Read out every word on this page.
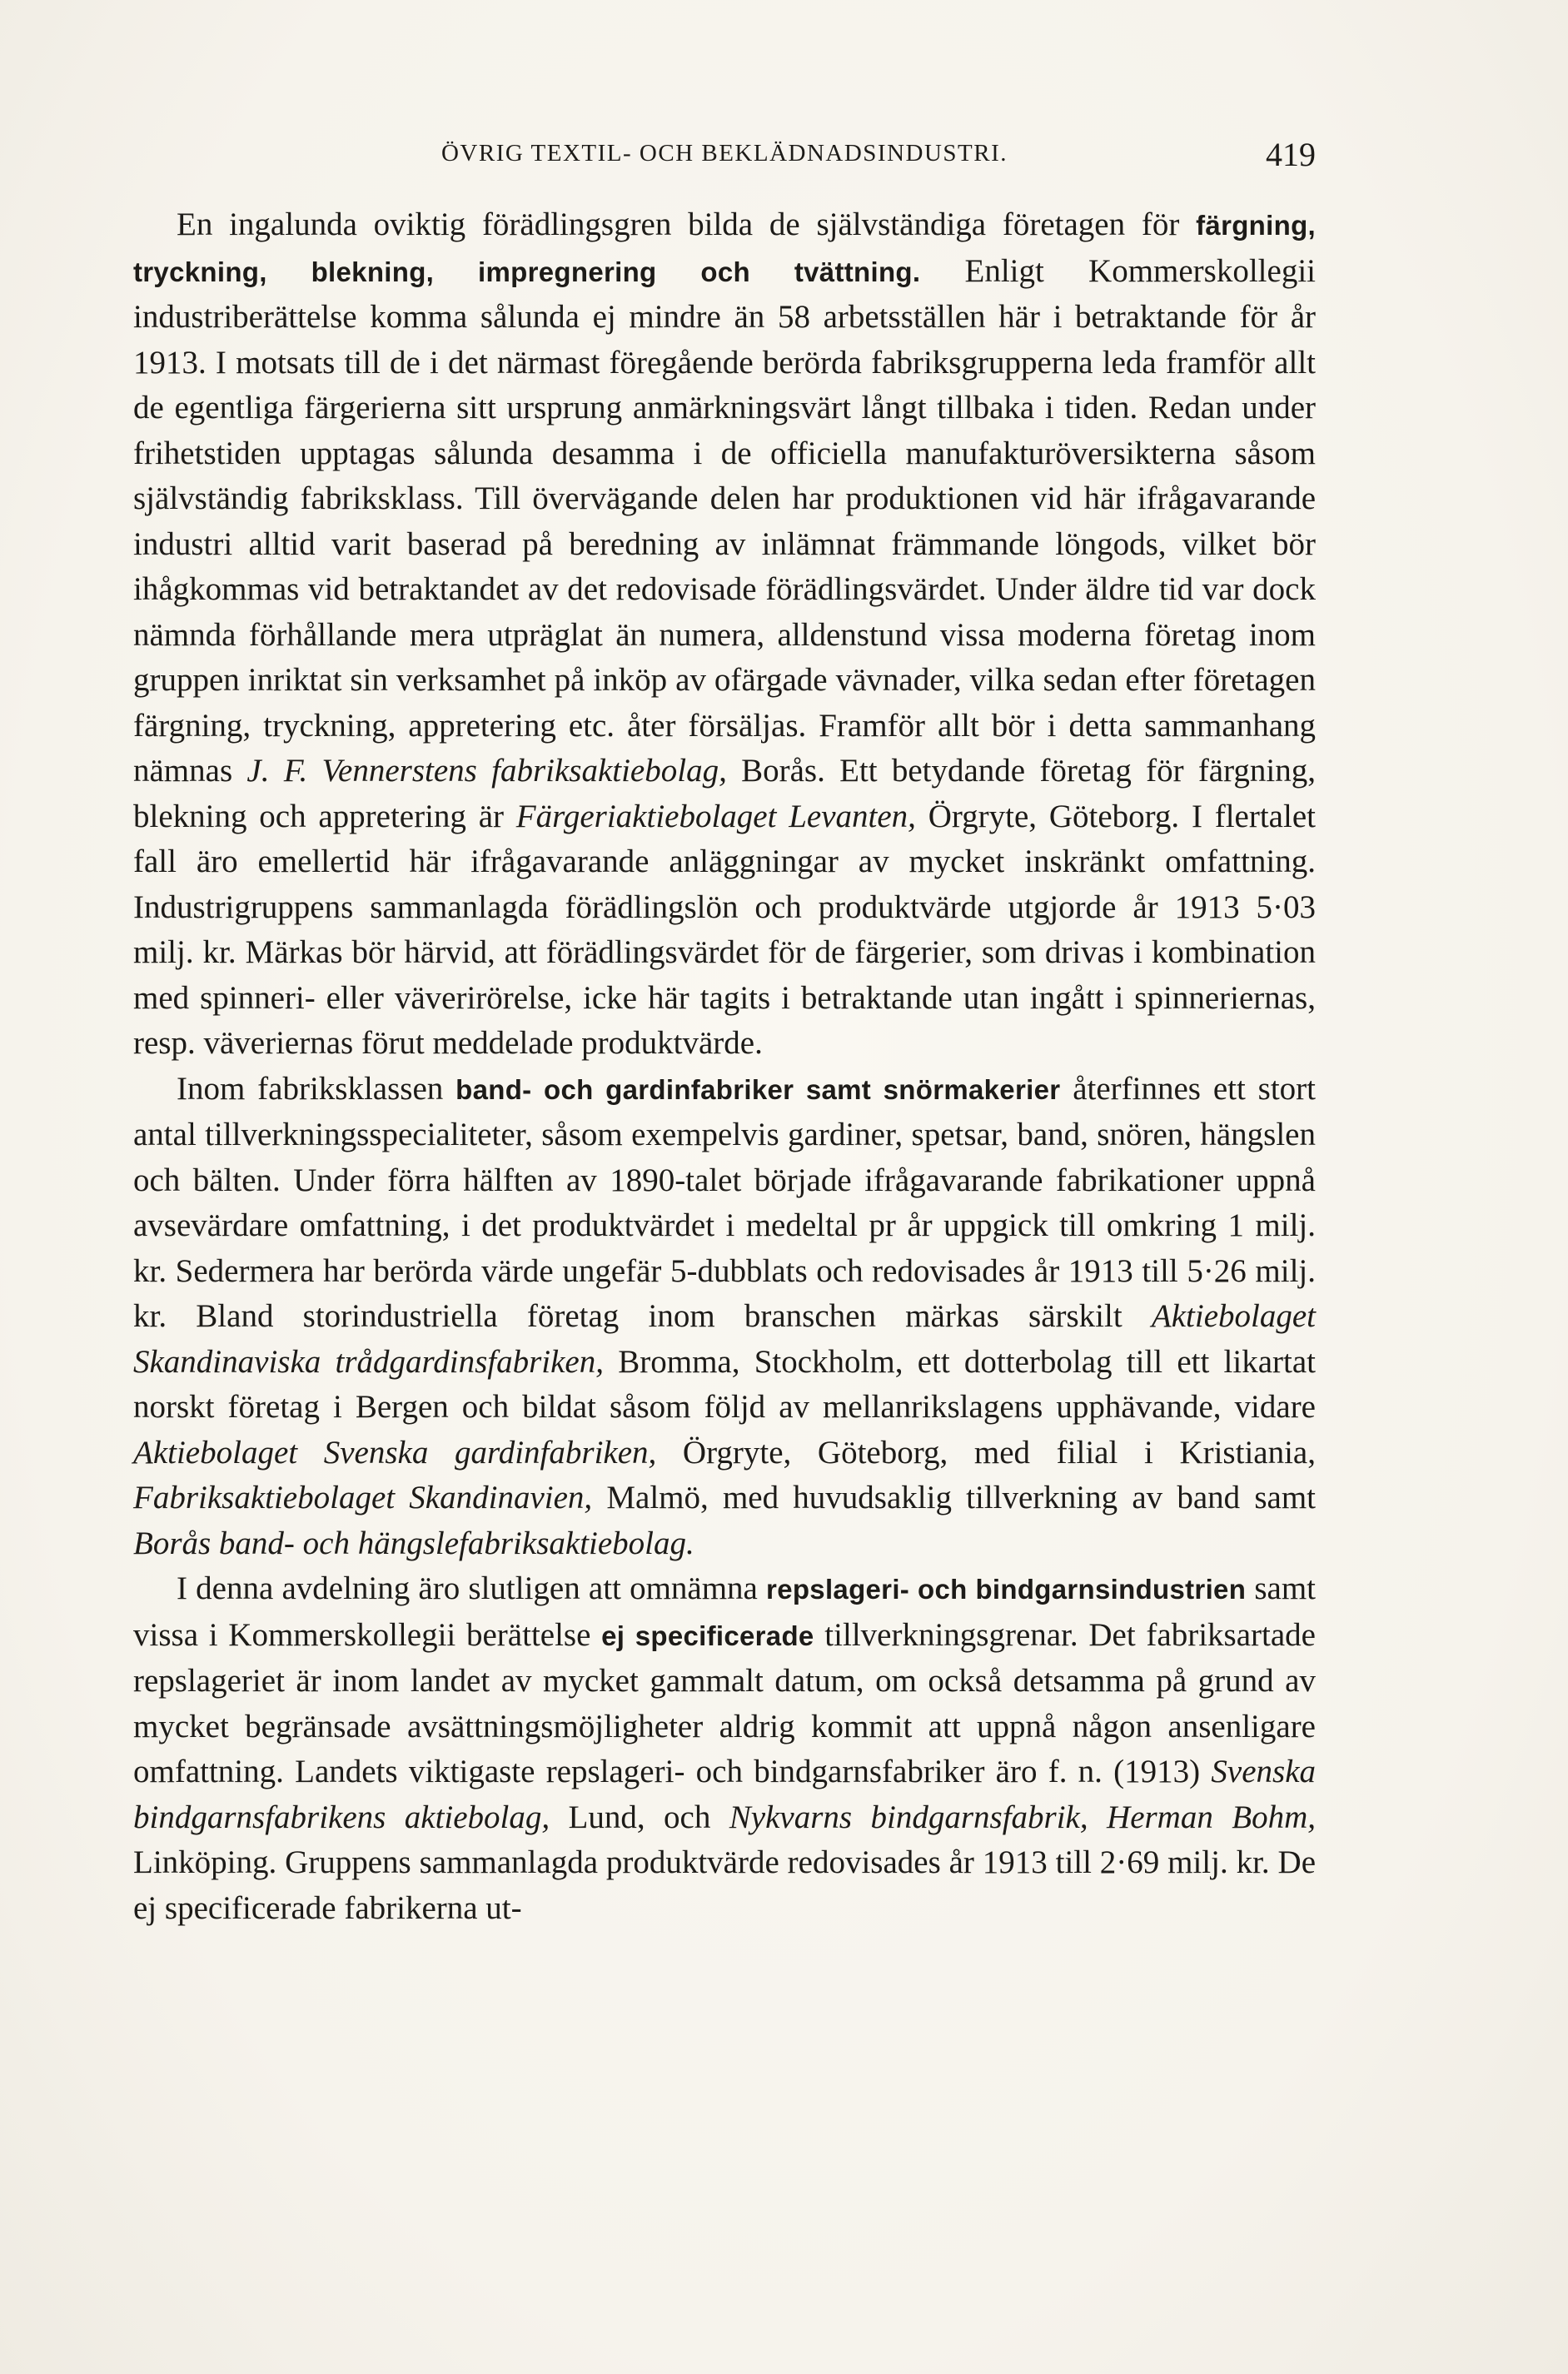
ÖVRIG TEXTIL- OCH BEKLÄDNADSINDUSTRI.	419

En ingalunda oviktig förädlingsgren bilda de självständiga företagen för färgning, tryckning, blekning, impregnering och tvättning. Enligt Kommerskollegii industriberättelse komma sålunda ej mindre än 58 arbetsställen här i betraktande för år 1913. I motsats till de i det närmast föregående berörda fabriksgrupperna leda framför allt de egentliga färgerierna sitt ursprung anmärkningsvärt långt tillbaka i tiden. Redan under frihetstiden upptagas sålunda desamma i de officiella manufakturöversikterna såsom självständig fabriksklass. Till övervägande delen har produktionen vid här ifrågavarande industri alltid varit baserad på beredning av inlämnat främmande löngods, vilket bör ihågkommas vid betraktandet av det redovisade förädlingsvärdet. Under äldre tid var dock nämnda förhållande mera utpräglat än numera, alldenstund vissa moderna företag inom gruppen inriktat sin verksamhet på inköp av ofärgade vävnader, vilka sedan efter företagen färgning, tryckning, appretering etc. åter försäljas. Framför allt bör i detta sammanhang nämnas J. F. Vennerstens fabriksaktiebolag, Borås. Ett betydande företag för färgning, blekning och appretering är Färgeriaktiebolaget Levanten, Örgryte, Göteborg. I flertalet fall äro emellertid här ifrågavarande anläggningar av mycket inskränkt omfattning. Industrigruppens sammanlagda förädlingslön och produktvärde utgjorde år 1913 5·03 milj. kr. Märkas bör härvid, att förädlingsvärdet för de färgerier, som drivas i kombination med spinneri- eller väverirörelse, icke här tagits i betraktande utan ingått i spinneriernas, resp. väveriernas förut meddelade produktvärde.

Inom fabriksklassen band- och gardinfabriker samt snörmakerier återfinnes ett stort antal tillverkningsspecialiteter, såsom exempelvis gardiner, spetsar, band, snören, hängslen och bälten. Under förra hälften av 1890-talet började ifrågavarande fabrikationer uppnå avsevärdare omfattning, i det produktvärdet i medeltal pr år uppgick till omkring 1 milj. kr. Sedermera har berörda värde ungefär 5-dubblats och redovisades år 1913 till 5·26 milj. kr. Bland storindustriella företag inom branschen märkas särskilt Aktiebolaget Skandinaviska trådgardinsfabriken, Bromma, Stockholm, ett dotterbolag till ett likartat norskt företag i Bergen och bildat såsom följd av mellanrikslagens upphävande, vidare Aktiebolaget Svenska gardinfabriken, Örgryte, Göteborg, med filial i Kristiania, Fabriksaktiebolaget Skandinavien, Malmö, med huvudsaklig tillverkning av band samt Borås band- och hängslefabriksaktiebolag.

I denna avdelning äro slutligen att omnämna repslageri- och bindgarnsindustrien samt vissa i Kommerskollegii berättelse ej specificerade tillverkningsgrenar. Det fabriksartade repslageriet är inom landet av mycket gammalt datum, om också detsamma på grund av mycket begränsade avsättningsmöjligheter aldrig kommit att uppnå någon ansenligare omfattning. Landets viktigaste repslageri- och bindgarnsfabriker äro f. n. (1913) Svenska bindgarnsfabrikens aktiebolag, Lund, och Nykvarns bindgarnsfabrik, Herman Bohm, Linköping. Gruppens sammanlagda produktvärde redovisades år 1913 till 2·69 milj. kr. De ej specificerade fabrikerna ut-
